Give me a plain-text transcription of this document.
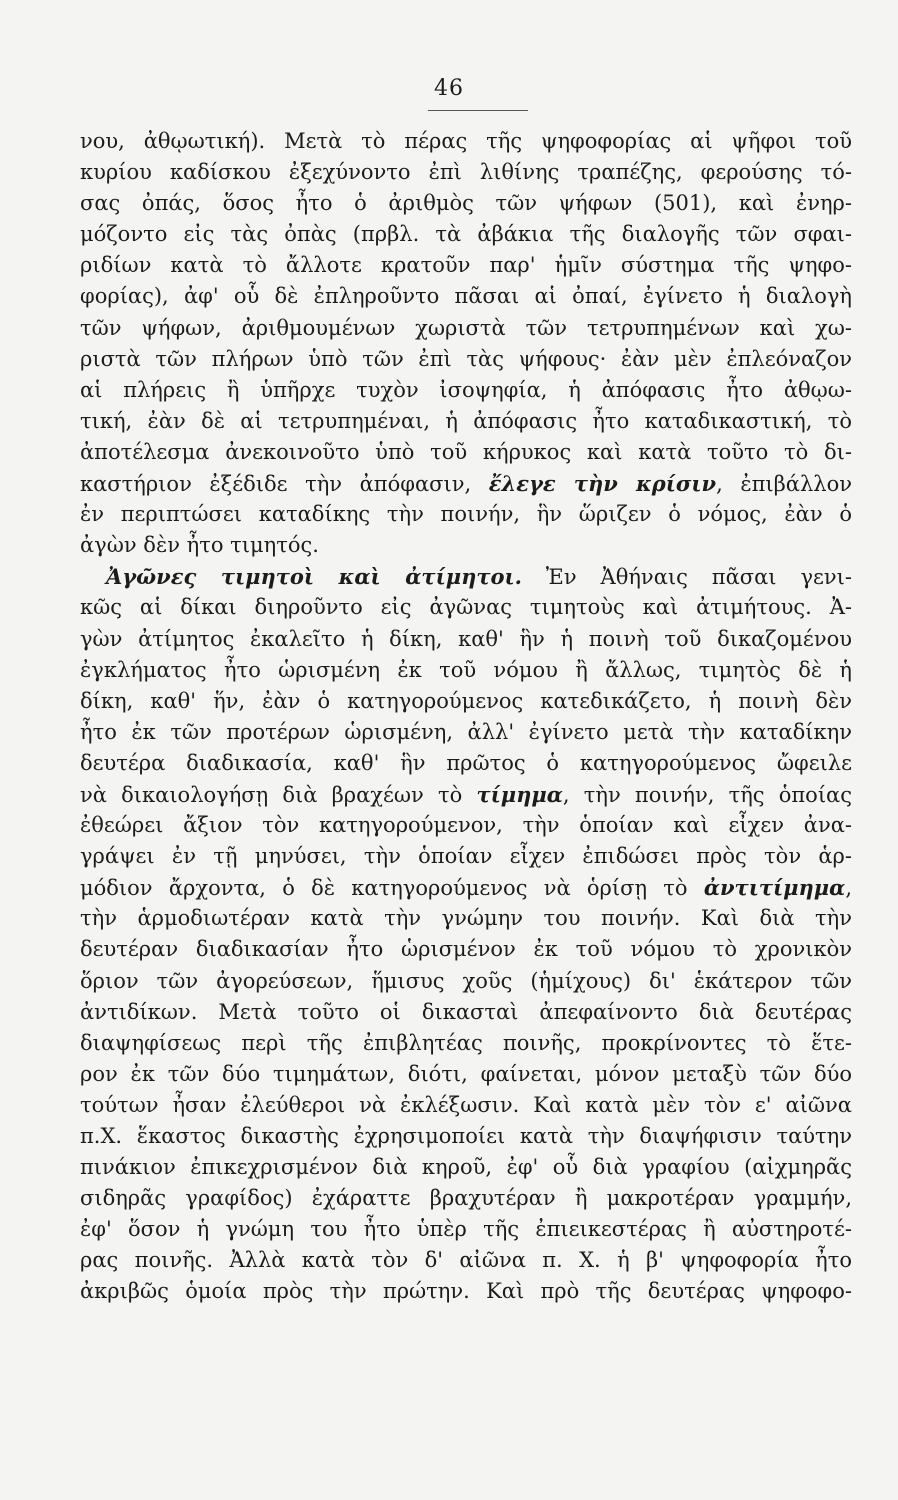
46
νου, ἀθῳωτική). Μετὰ τὸ πέρας τῆς ψηφοφορίας αἱ ψῆφοι τοῦ
κυρίου καδίσκου ἐξεχύνοντο ἐπὶ λιθίνης τραπέζης, φερούσης τό-
σας ὀπάς, ὅσος ἦτο ὁ ἀριθμὸς τῶν ψήφων (501), καὶ ἐνηρ-
μόζοντο εἰς τὰς ὀπὰς (πρβλ. τὰ ἀβάκια τῆς διαλογῆς τῶν σφαι-
ριδίων κατὰ τὸ ἄλλοτε κρατοῦν παρ' ἡμῖν σύστημα τῆς ψηφο-
φορίας), ἀφ' οὗ δὲ ἐπληροῦντο πᾶσαι αἱ ὀπαί, ἐγίνετο ἡ διαλογὴ
τῶν ψήφων, ἀριθμουμένων χωριστὰ τῶν τετρυπημένων καὶ χω-
ριστὰ τῶν πλήρων ὑπὸ τῶν ἐπὶ τὰς ψήφους· ἐὰν μὲν ἐπλεόναζον
αἱ πλήρεις ἢ ὑπῆρχε τυχὸν ἰσοψηφία, ἡ ἀπόφασις ἦτο ἀθῳω-
τική, ἐὰν δὲ αἱ τετρυπημέναι, ἡ ἀπόφασις ἦτο καταδικαστική, τὸ
ἀποτέλεσμα ἀνεκοινοῦτο ὑπὸ τοῦ κήρυκος καὶ κατὰ τοῦτο τὸ δι-
καστήριον ἐξέδιδε τὴν ἀπόφασιν, ἔλεγε τὴν κρίσιν, ἐπιβάλλον
ἐν περιπτώσει καταδίκης τὴν ποινήν, ἣν ὥριζεν ὁ νόμος, ἐὰν ὁ
ἀγὼν δὲν ἦτο τιμητός.
Ἀγῶνες τιμητοὶ καὶ ἀτίμητοι. Ἐν Ἀθήναις πᾶσαι γενι-
κῶς αἱ δίκαι διηροῦντο εἰς ἀγῶνας τιμητοὺς καὶ ἀτιμήτους. Ἀ-
γὼν ἀτίμητος ἐκαλεῖτο ἡ δίκη, καθ' ἣν ἡ ποινὴ τοῦ δικαζομένου
ἐγκλήματος ἦτο ὡρισμένη ἐκ τοῦ νόμου ἢ ἄλλως, τιμητὸς δὲ ἡ
δίκη, καθ' ἥν, ἐὰν ὁ κατηγορούμενος κατεδικάζετο, ἡ ποινὴ δὲν
ἦτο ἐκ τῶν προτέρων ὡρισμένη, ἀλλ' ἐγίνετο μετὰ τὴν καταδίκην
δευτέρα διαδικασία, καθ' ἣν πρῶτος ὁ κατηγορούμενος ὤφειλε
νὰ δικαιολογήσῃ διὰ βραχέων τὸ τίμημα, τὴν ποινήν, τῆς ὁποίας
ἐθεώρει ἄξιον τὸν κατηγορούμενον, τὴν ὁποίαν καὶ εἶχεν ἀνα-
γράψει ἐν τῇ μηνύσει, τὴν ὁποίαν εἶχεν ἐπιδώσει πρὸς τὸν ἁρ-
μόδιον ἄρχοντα, ὁ δὲ κατηγορούμενος νὰ ὁρίσῃ τὸ ἀντιτίμημα,
τὴν ἁρμοδιωτέραν κατὰ τὴν γνώμην του ποινήν. Καὶ διὰ τὴν
δευτέραν διαδικασίαν ἦτο ὡρισμένον ἐκ τοῦ νόμου τὸ χρονικὸν
ὅριον τῶν ἀγορεύσεων, ἥμισυς χοῦς (ἡμίχους) δι' ἑκάτερον τῶν
ἀντιδίκων. Μετὰ τοῦτο οἱ δικασταὶ ἀπεφαίνοντο διὰ δευτέρας
διαψηφίσεως περὶ τῆς ἐπιβλητέας ποινῆς, προκρίνοντες τὸ ἕτε-
ρον ἐκ τῶν δύο τιμημάτων, διότι, φαίνεται, μόνον μεταξὺ τῶν δύο
τούτων ἦσαν ἐλεύθεροι νὰ ἐκλέξωσιν. Καὶ κατὰ μὲν τὸν ε' αἰῶνα
π.Χ. ἕκαστος δικαστὴς ἐχρησιμοποίει κατὰ τὴν διαψήφισιν ταύτην
πινάκιον ἐπικεχρισμένον διὰ κηροῦ, ἐφ' οὗ διὰ γραφίου (αἰχμηρᾶς
σιδηρᾶς γραφίδος) ἐχάραττε βραχυτέραν ἢ μακροτέραν γραμμήν,
ἐφ' ὅσον ἡ γνώμη του ἦτο ὑπὲρ τῆς ἐπιεικεστέρας ἢ αὐστηροτέ-
ρας ποινῆς. Ἀλλὰ κατὰ τὸν δ' αἰῶνα π. Χ. ἡ β' ψηφοφορία ἦτο
ἀκριβῶς ὁμοία πρὸς τὴν πρώτην. Καὶ πρὸ τῆς δευτέρας ψηφοφο-
